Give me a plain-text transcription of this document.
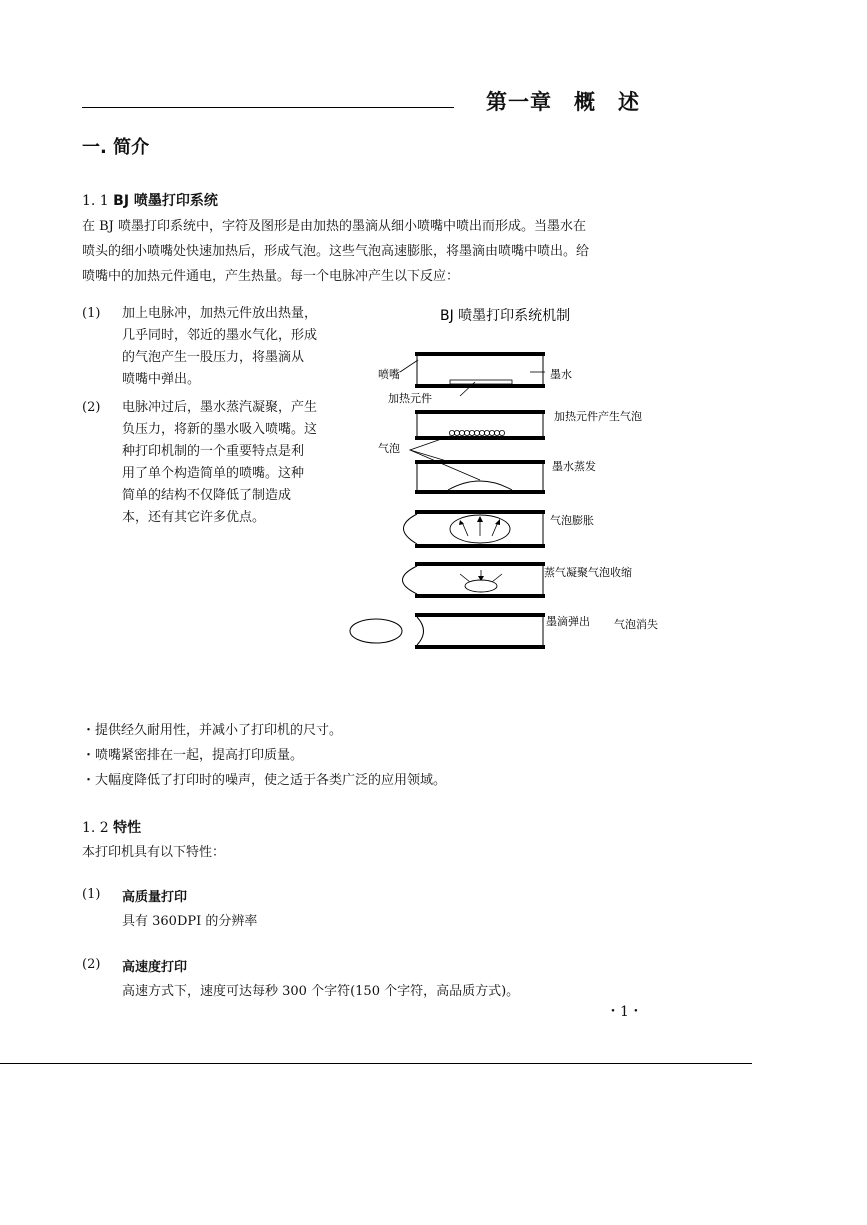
第一章　概　述
一. 简介
1. 1 BJ 喷墨打印系统

在 BJ 喷墨打印系统中，字符及图形是由加热的墨滴从细小喷嘴中喷出而形成。当墨水在

喷头的细小喷嘴处快速加热后，形成气泡。这些气泡高速膨胀，将墨滴由喷嘴中喷出。给

喷嘴中的加热元件通电，产生热量。每一个电脉冲产生以下反应：

(1) 加上电脉冲，加热元件放出热量，

几乎同时，邻近的墨水气化，形成

的气泡产生一股压力，将墨滴从

喷嘴中弹出。

(2) 电脉冲过后，墨水蒸汽凝聚，产生

负压力，将新的墨水吸入喷嘴。这

种打印机制的一个重要特点是利

用了单个构造简单的喷嘴。这种

简单的结构不仅降低了制造成

本，还有其它许多优点。

BJ 喷墨打印系统机制
喷嘴	墨水
加热元件
加热元件产生气泡
气泡
墨水蒸发
气泡膨胀
蒸气凝聚气泡收缩
墨滴弹出 气泡消失

・提供经久耐用性，并减小了打印机的尺寸。

・喷嘴紧密排在一起，提高打印质量。

・大幅度降低了打印时的噪声，使之适于各类广泛的应用领域。

1. 2 特性
本打印机具有以下特性：
(1) 高质量打印
具有 360DPI 的分辨率
(2) 高速度打印
高速方式下，速度可达每秒 300 个字符(150 个字符，高品质方式)。
・1・
